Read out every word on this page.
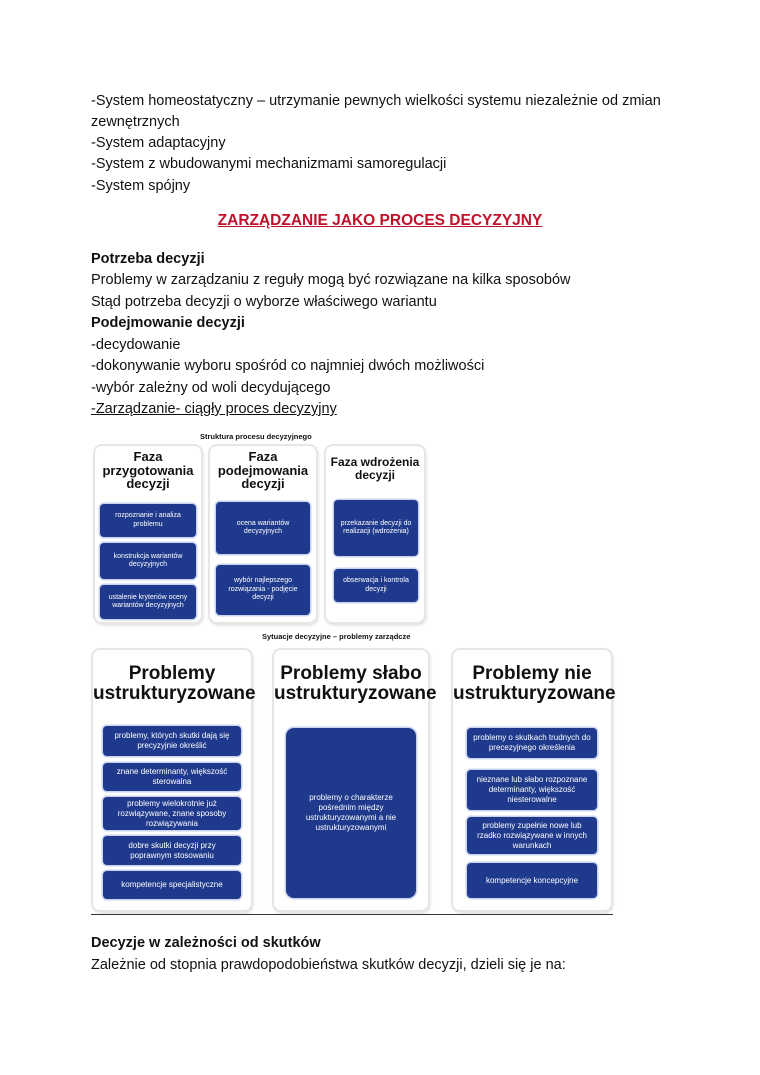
-System homeostatyczny – utrzymanie pewnych wielkości systemu niezależnie od zmian
zewnętrznych
-System adaptacyjny
-System z wbudowanymi mechanizmami samoregulacji
-System spójny
ZARZĄDZANIE JAKO PROCES DECYZYJNY
Potrzeba decyzji
Problemy w zarządzaniu z reguły mogą być rozwiązane na kilka sposobów
Stąd potrzeba decyzji o wyborze właściwego wariantu
Podejmowanie decyzji
-decydowanie
-dokonywanie wyboru spośród co najmniej dwóch możliwości
-wybór zależny od woli decydującego
-Zarządzanie- ciągły proces decyzyjny
Struktura procesu decyzyjnego
Faza przygotowania decyzji
rozpoznanie i analiza problemu
konstrukcja wariantów decyzyjnych
ustalenie kryteriów oceny wariantów decyzyjnych
Faza podejmowania decyzji
ocena wariantów decyzyjnych
wybór najlepszego rozwiązania - podjęcie decyzji
Faza wdrożenia decyzji
przekazanie decyzji do realizacji (wdrożenia)
obserwacja i kontrola decyzji
Sytuacje decyzyjne – problemy zarządcze
Problemy ustrukturyzowane
problemy, których skutki dają się precyzyjnie określić
znane determinanty, większość sterowalna
problemy wielokrotnie już rozwiązywane, znane sposoby rozwiązywania
dobre skutki decyzji przy poprawnym stosowaniu
kompetencje specjalistyczne
Problemy słabo ustrukturyzowane
problemy o charakterze pośrednim między ustrukturyzowanymi a nie ustrukturyzowanymi
Problemy nie ustrukturyzowane
problemy o skutkach trudnych do precezyjnego określenia
nieznane lub słabo rozpoznane determinanty, większość niesterowalne
problemy zupełnie nowe lub rzadko rozwiązywane w innych warunkach
kompetencje koncepcyjne
Decyzje w zależności od skutków
Zależnie od stopnia prawdopodobieństwa skutków decyzji, dzieli się je na:
